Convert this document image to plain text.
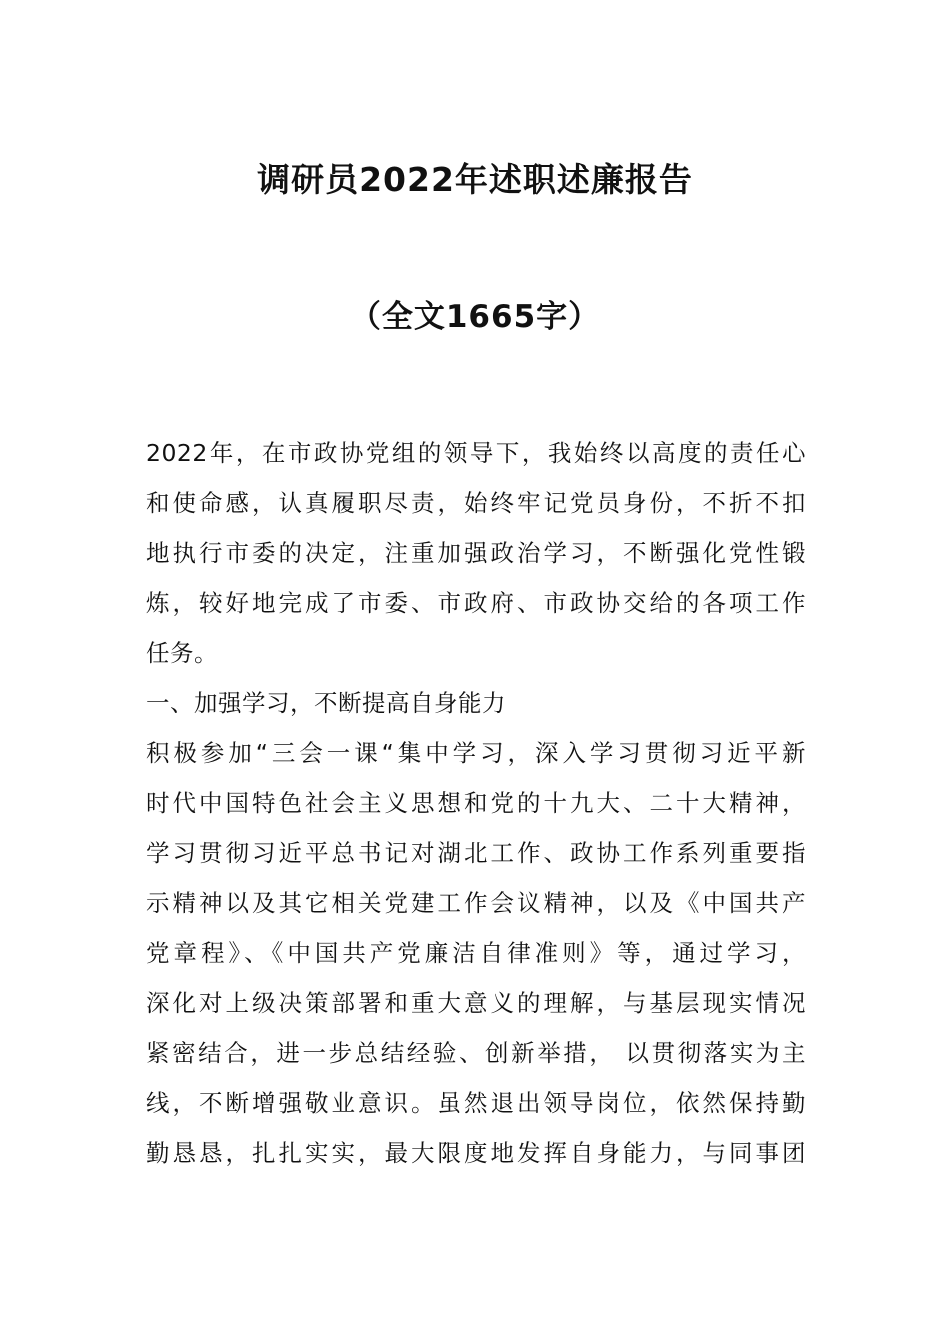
调研员2022年述职述廉报告
（全文1665字）
2022年，在市政协党组的领导下，我始终以高度的责任心
和使命感，认真履职尽责，始终牢记党员身份，不折不扣
地执行市委的决定，注重加强政治学习，不断强化党性锻
炼，较好地完成了市委、市政府、市政协交给的各项工作
任务。
一、加强学习，不断提高自身能力
积极参加“三会一课“集中学习，深入学习贯彻习近平新
时代中国特色社会主义思想和党的十九大、二十大精神，
学习贯彻习近平总书记对湖北工作、政协工作系列重要指
示精神以及其它相关党建工作会议精神，以及《中国共产
党章程》、《中国共产党廉洁自律准则》等，通过学习，
深化对上级决策部署和重大意义的理解，与基层现实情况
紧密结合，进一步总结经验、创新举措， 以贯彻落实为主
线，不断增强敬业意识。虽然退出领导岗位，依然保持勤
勤恳恳，扎扎实实，最大限度地发挥自身能力，与同事团
